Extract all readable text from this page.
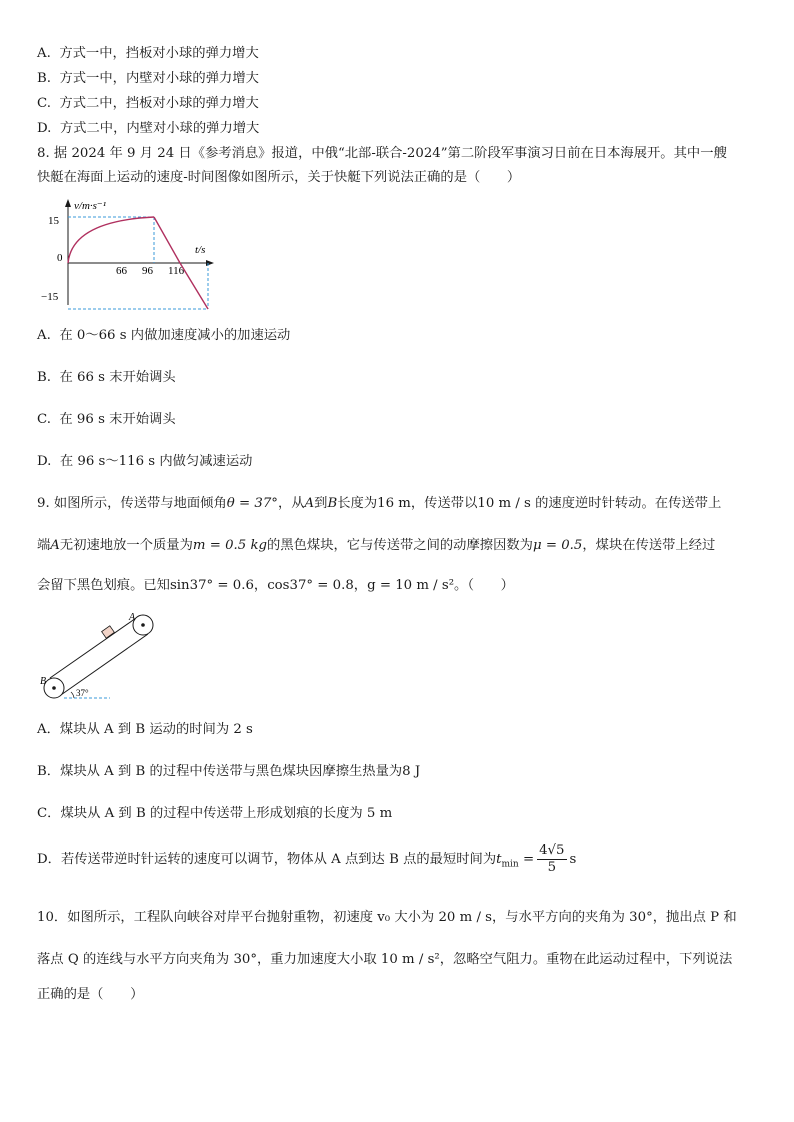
A. 方式一中，挡板对小球的弹力增大
B. 方式一中，内壁对小球的弹力增大
C. 方式二中，挡板对小球的弹力增大
D. 方式二中，内壁对小球的弹力增大
8. 据 2024 年 9 月 24 日《参考消息》报道，中俄“北部-联合-2024”第二阶段军事演习日前在日本海展开。其中一艘
快艇在海面上运动的速度-时间图像如图所示，关于快艇下列说法正确的是（　　）
v/m·s⁻¹
t/s
15
0
−15
66 96 116
A. 在 0～66 s 内做加速度减小的加速运动
B. 在 66 s 末开始调头
C. 在 96 s 末开始调头
D. 在 96 s～116 s 内做匀减速运动
9. 如图所示，传送带与地面倾角θ = 37°，从A到B长度为16 m，传送带以10 m / s 的速度逆时针转动。在传送带上
端A无初速地放一个质量为m = 0.5 kg的黑色煤块，它与传送带之间的动摩擦因数为μ = 0.5，煤块在传送带上经过
会留下黑色划痕。已知sin37° = 0.6，cos37° = 0.8，g = 10 m / s²。（　　）
37°
B
A
A．煤块从 A 到 B 运动的时间为 2 s
B．煤块从 A 到 B 的过程中传送带与黑色煤块因摩擦生热量为8 J
C．煤块从 A 到 B 的过程中传送带上形成划痕的长度为 5 m
D．若传送带逆时针运转的速度可以调节，物体从 A 点到达 B 点的最短时间为$t_{min} = \frac{4√5}{5}$ s
10．如图所示，工程队向峡谷对岸平台抛射重物，初速度 v₀ 大小为 20 m / s，与水平方向的夹角为 30°，抛出点 P 和
落点 Q 的连线与水平方向夹角为 30°，重力加速度大小取 10 m / s²，忽略空气阻力。重物在此运动过程中，下列说法
正确的是（　　）
